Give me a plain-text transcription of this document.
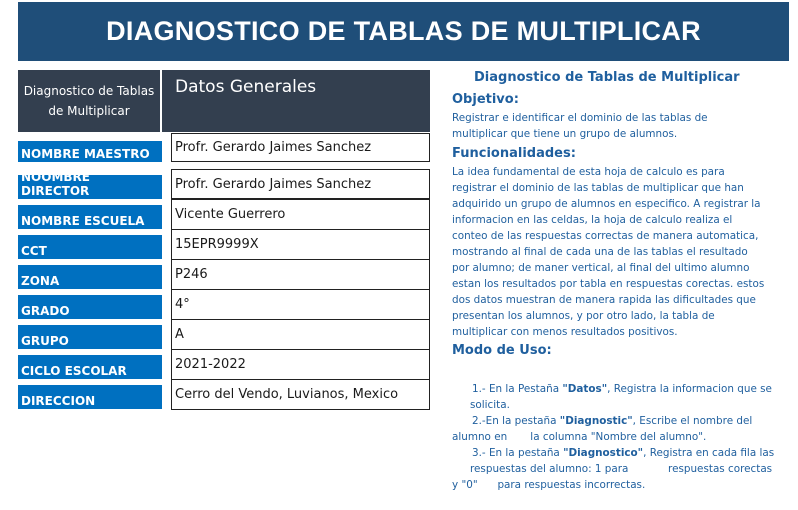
DIAGNOSTICO DE TABLAS DE MULTIPLICAR
Diagnostico de Tablas de Multiplicar
Datos Generales
NOMBRE MAESTRO
NOOMBRE DIRECTOR
NOMBRE ESCUELA
CCT
ZONA
GRADO
GRUPO
CICLO ESCOLAR
DIRECCION
Profr. Gerardo Jaimes Sanchez
Profr. Gerardo Jaimes Sanchez
Vicente Guerrero
15EPR9999X
P246
4°
A
2021-2022
Cerro del Vendo, Luvianos, Mexico
Diagnostico de Tablas de Multiplicar
Objetivo:
Registrar e identificar el dominio de las tablas de
multiplicar que tiene un grupo de alumnos.
Funcionalidades:
La idea fundamental de esta hoja de calculo es para
registrar el dominio de las tablas de multiplicar que han
adquirido un grupo de alumnos en especifico. A registrar la
informacion en las celdas, la hoja de calculo realiza el
conteo de las respuestas correctas de manera automatica,
mostrando al final de cada una de las tablas el resultado
por alumno; de maner vertical, al final del ultimo alumno
estan los resultados por tabla en respuestas corectas. estos
dos datos muestran de manera rapida las dificultades que
presentan los alumnos, y por otro lado, la tabla de
multiplicar con menos resultados positivos.
Modo de Uso:
1.- En la Pestaña "Datos", Registra la informacion que se
solicita.
2.-En la pestaña "Diagnostic", Escribe el nombre del
alumno en       la columna "Nombre del alumno".
3.- En la pestaña "Diagnostico", Registra en cada fila las
respuestas del alumno: 1 para            respuestas corectas
y "0"      para respuestas incorrectas.
